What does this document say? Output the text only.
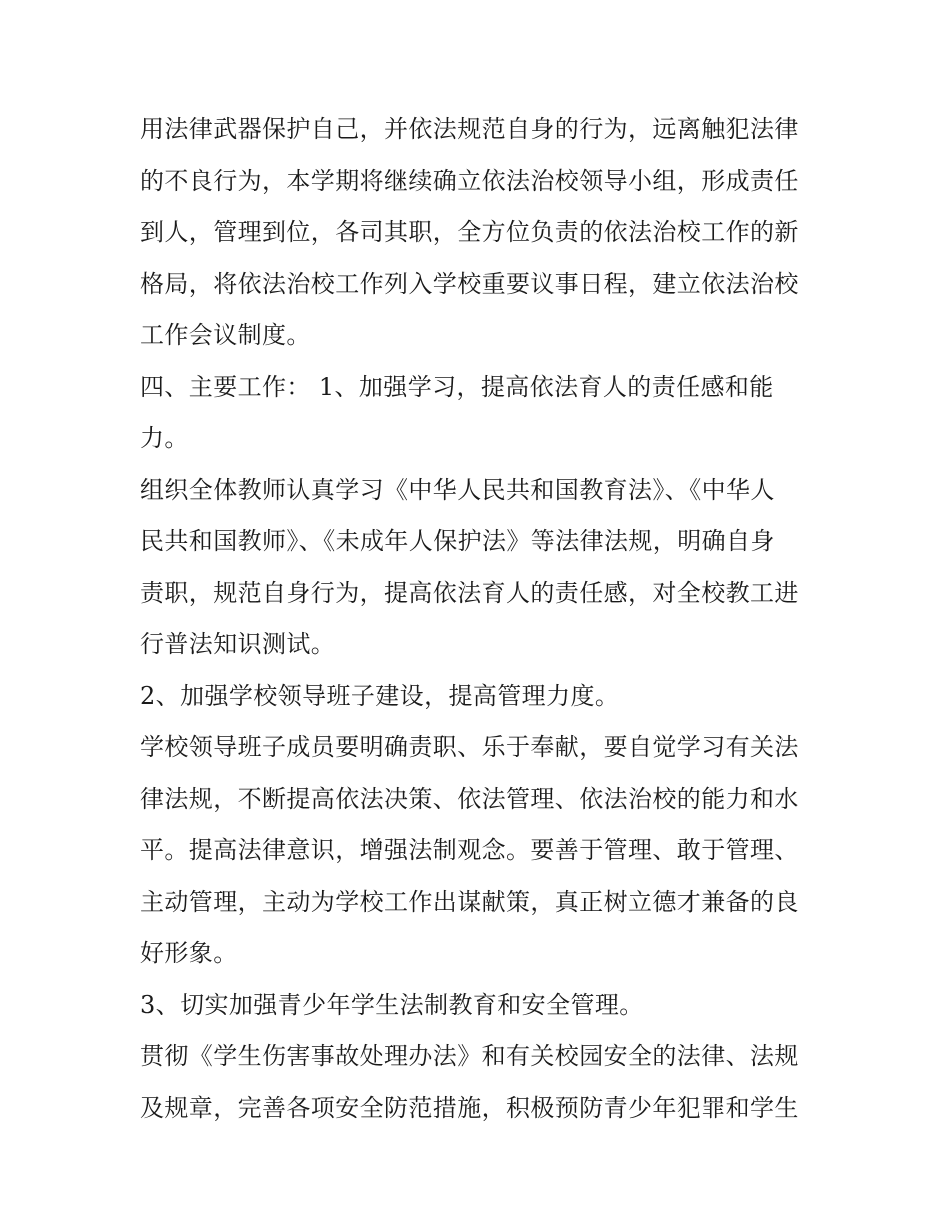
用法律武器保护自己，并依法规范自身的行为，远离触犯法律
的不良行为，本学期将继续确立依法治校领导小组，形成责任
到人，管理到位，各司其职，全方位负责的依法治校工作的新
格局，将依法治校工作列入学校重要议事日程，建立依法治校
工作会议制度。
四、主要工作： 1、加强学习，提高依法育人的责任感和能
力。
组织全体教师认真学习《中华人民共和国教育法》、《中华人
民共和国教师》、《未成年人保护法》等法律法规，明确自身
责职，规范自身行为，提高依法育人的责任感，对全校教工进
行普法知识测试。
2、加强学校领导班子建设，提高管理力度。
学校领导班子成员要明确责职、乐于奉献，要自觉学习有关法
律法规，不断提高依法决策、依法管理、依法治校的能力和水
平。提高法律意识，增强法制观念。要善于管理、敢于管理、
主动管理，主动为学校工作出谋献策，真正树立德才兼备的良
好形象。
3、切实加强青少年学生法制教育和安全管理。
贯彻《学生伤害事故处理办法》和有关校园安全的法律、法规
及规章，完善各项安全防范措施，积极预防青少年犯罪和学生
